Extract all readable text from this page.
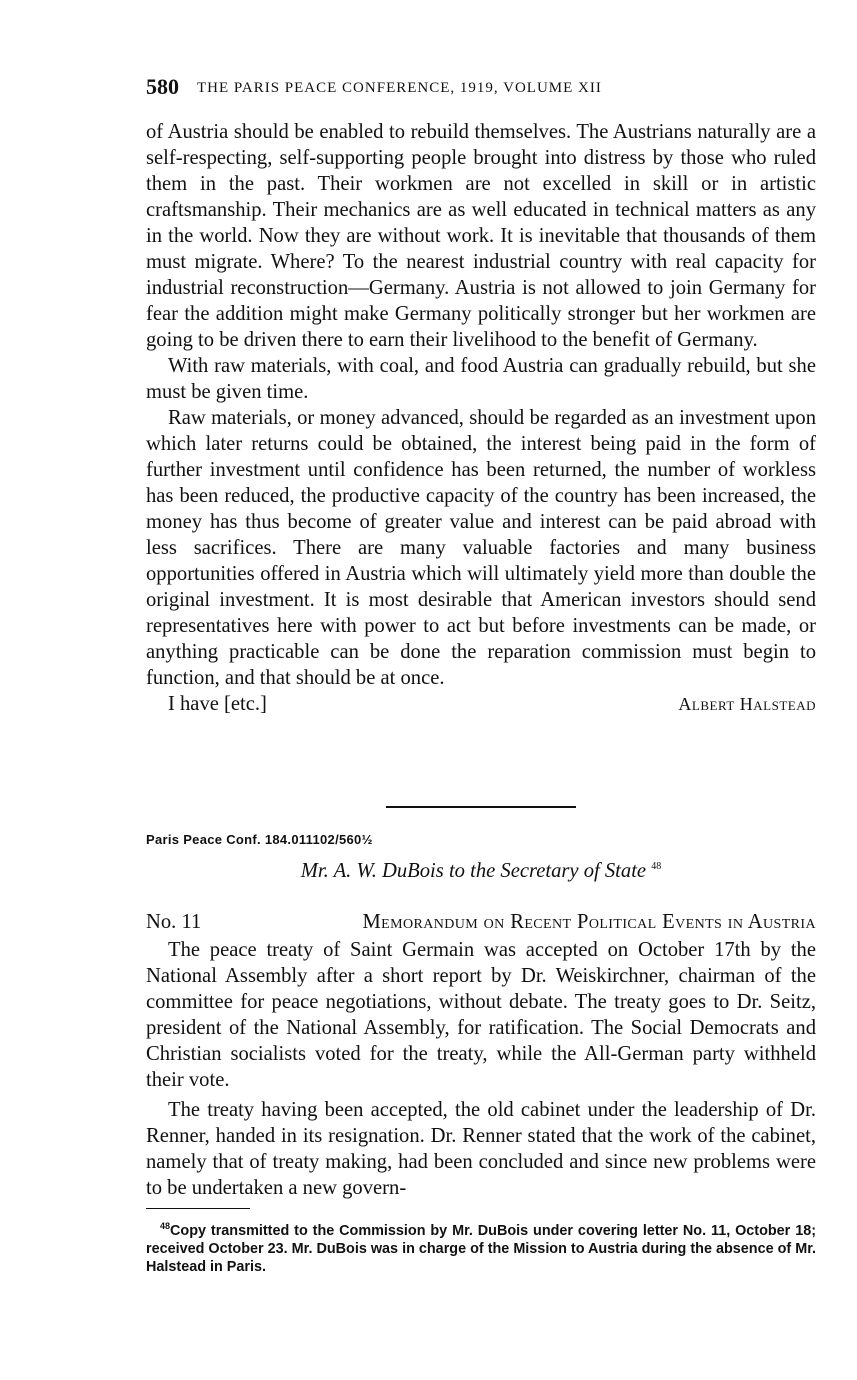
580 THE PARIS PEACE CONFERENCE, 1919, VOLUME XII

of Austria should be enabled to rebuild themselves. The Austrians naturally are a self-respecting, self-supporting people brought into distress by those who ruled them in the past. Their workmen are not excelled in skill or in artistic craftsmanship. Their mechanics are as well educated in technical matters as any in the world. Now they are without work. It is inevitable that thousands of them must migrate. Where? To the nearest industrial country with real capacity for industrial reconstruction—Germany. Austria is not allowed to join Germany for fear the addition might make Germany politically stronger but her workmen are going to be driven there to earn their livelihood to the benefit of Germany.

With raw materials, with coal, and food Austria can gradually rebuild, but she must be given time.

Raw materials, or money advanced, should be regarded as an investment upon which later returns could be obtained, the interest being paid in the form of further investment until confidence has been returned, the number of workless has been reduced, the productive capacity of the country has been increased, the money has thus become of greater value and interest can be paid abroad with less sacrifices. There are many valuable factories and many business opportunities offered in Austria which will ultimately yield more than double the original investment. It is most desirable that American investors should send representatives here with power to act but before investments can be made, or anything practicable can be done the reparation commission must begin to function, and that should be at once.

I have [etc.]	Albert Halstead
Paris Peace Conf. 184.011102/560½
Mr. A. W. DuBois to the Secretary of State $^{48}$
No. 11	Memorandum on Recent Political Events in Austria

The peace treaty of Saint Germain was accepted on October 17th by the National Assembly after a short report by Dr. Weiskirchner, chairman of the committee for peace negotiations, without debate. The treaty goes to Dr. Seitz, president of the National Assembly, for ratification. The Social Democrats and Christian socialists voted for the treaty, while the All-German party withheld their vote.

The treaty having been accepted, the old cabinet under the leadership of Dr. Renner, handed in its resignation. Dr. Renner stated that the work of the cabinet, namely that of treaty making, had been concluded and since new problems were to be undertaken a new govern-

$^{48}$Copy transmitted to the Commission by Mr. DuBois under covering letter No. 11, October 18; received October 23. Mr. DuBois was in charge of the Mission to Austria during the absence of Mr. Halstead in Paris.
